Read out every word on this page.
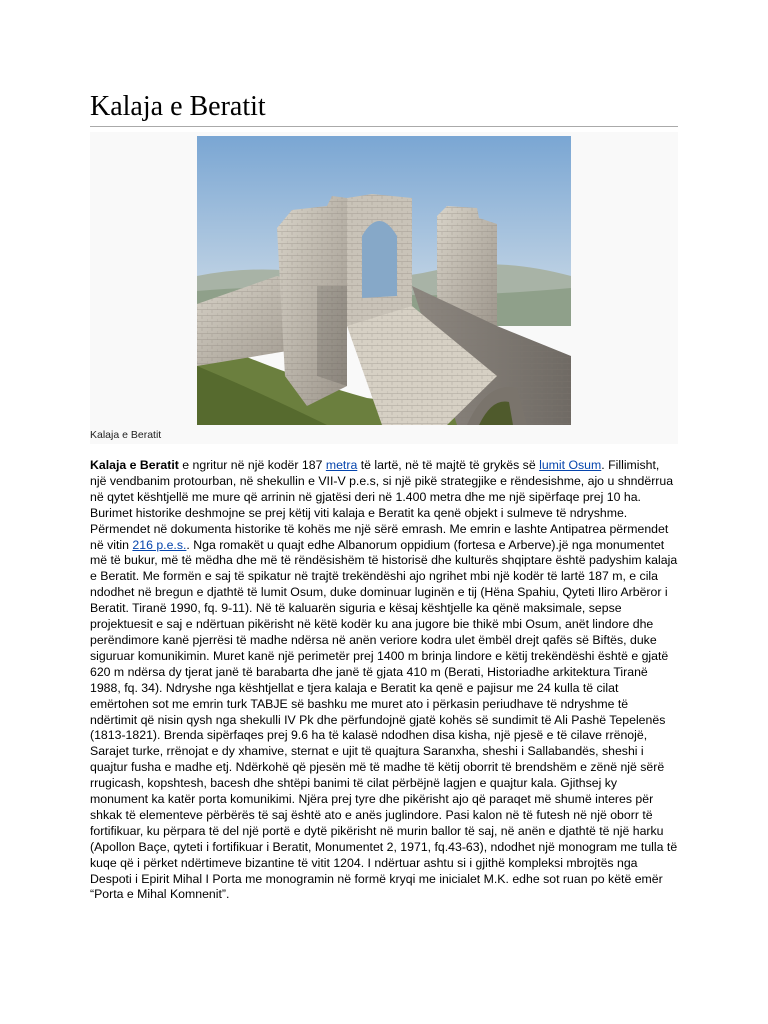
Kalaja e Beratit
Kalaja e Beratit
Kalaja e Beratit e ngritur në një kodër 187 metra të lartë, në të majtë të grykës së lumit Osum. Fillimisht, një vendbanim protourban, në shekullin e VII-V p.e.s, si një pikë strategjike e rëndesishme, ajo u shndërrua në qytet kështjellë me mure që arrinin në gjatësi deri në 1.400 metra dhe me një sipërfaqe prej 10 ha. Burimet historike deshmojne se prej këtij viti kalaja e Beratit ka qenë objekt i sulmeve të ndryshme. Përmendet në dokumenta historike të kohës me një sërë emrash. Me emrin e lashte Antipatrea përmendet në vitin 216 p.e.s.. Nga romakët u quajt edhe Albanorum oppidium (fortesa e Arberve).jë nga monumentet më të bukur, më të mëdha dhe më të rëndësishëm të historisë dhe kulturës shqiptare është padyshim kalaja e Beratit. Me formën e saj të spikatur në trajtë trekëndëshi ajo ngrihet mbi një kodër të lartë 187 m, e cila ndodhet në bregun e djathtë të lumit Osum, duke dominuar luginën e tij (Hëna Spahiu, Qyteti Iliro Arbëror i Beratit. Tiranë 1990, fq. 9-11). Në të kaluarën siguria e kësaj kështjelle ka qënë maksimale, sepse projektuesit e saj e ndërtuan pikërisht në këtë kodër ku ana jugore bie thikë mbi Osum, anët lindore dhe perëndimore kanë pjerrësi të madhe ndërsa në anën veriore kodra ulet ëmbël drejt qafës së Biftës, duke siguruar komunikimin. Muret kanë një perimetër prej 1400 m brinja lindore e këtij trekëndëshi është e gjatë 620 m ndërsa dy tjerat janë të barabarta dhe janë të gjata 410 m (Berati, Historiadhe arkitektura Tiranë 1988, fq. 34). Ndryshe nga kështjellat e tjera kalaja e Beratit ka qenë e pajisur me 24 kulla të cilat emërtohen sot me emrin turk TABJE së bashku me muret ato i përkasin periudhave të ndryshme të ndërtimit që nisin qysh nga shekulli IV Pk dhe përfundojnë gjatë kohës së sundimit të Ali Pashë Tepelenës (1813-1821). Brenda sipërfaqes prej 9.6 ha të kalasë ndodhen disa kisha, një pjesë e të cilave rrënojë, Sarajet turke, rrënojat e dy xhamive, sternat e ujit të quajtura Saranxha, sheshi i Sallabandës, sheshi i quajtur fusha e madhe etj. Ndërkohë që pjesën më të madhe të këtij oborrit të brendshëm e zënë një sërë rrugicash, kopshtesh, bacesh dhe shtëpi banimi të cilat përbëjnë lagjen e quajtur kala. Gjithsej ky monument ka katër porta komunikimi. Njëra prej tyre dhe pikërisht ajo që paraqet më shumë interes për shkak të elementeve përbërës të saj është ato e anës juglindore. Pasi kalon në të futesh në një oborr të fortifikuar, ku përpara të del një portë e dytë pikërisht në murin ballor të saj, në anën e djathtë të një harku (Apollon Baçe, qyteti i fortifikuar i Beratit, Monumentet 2, 1971, fq.43-63), ndodhet një monogram me tulla të kuqe që i përket ndërtimeve bizantine të vitit 1204. I ndërtuar ashtu si i gjithë kompleksi mbrojtës nga Despoti i Epirit Mihal I Porta me monogramin në formë kryqi me inicialet M.K. edhe sot ruan po këtë emër “Porta e Mihal Komnenit”.
